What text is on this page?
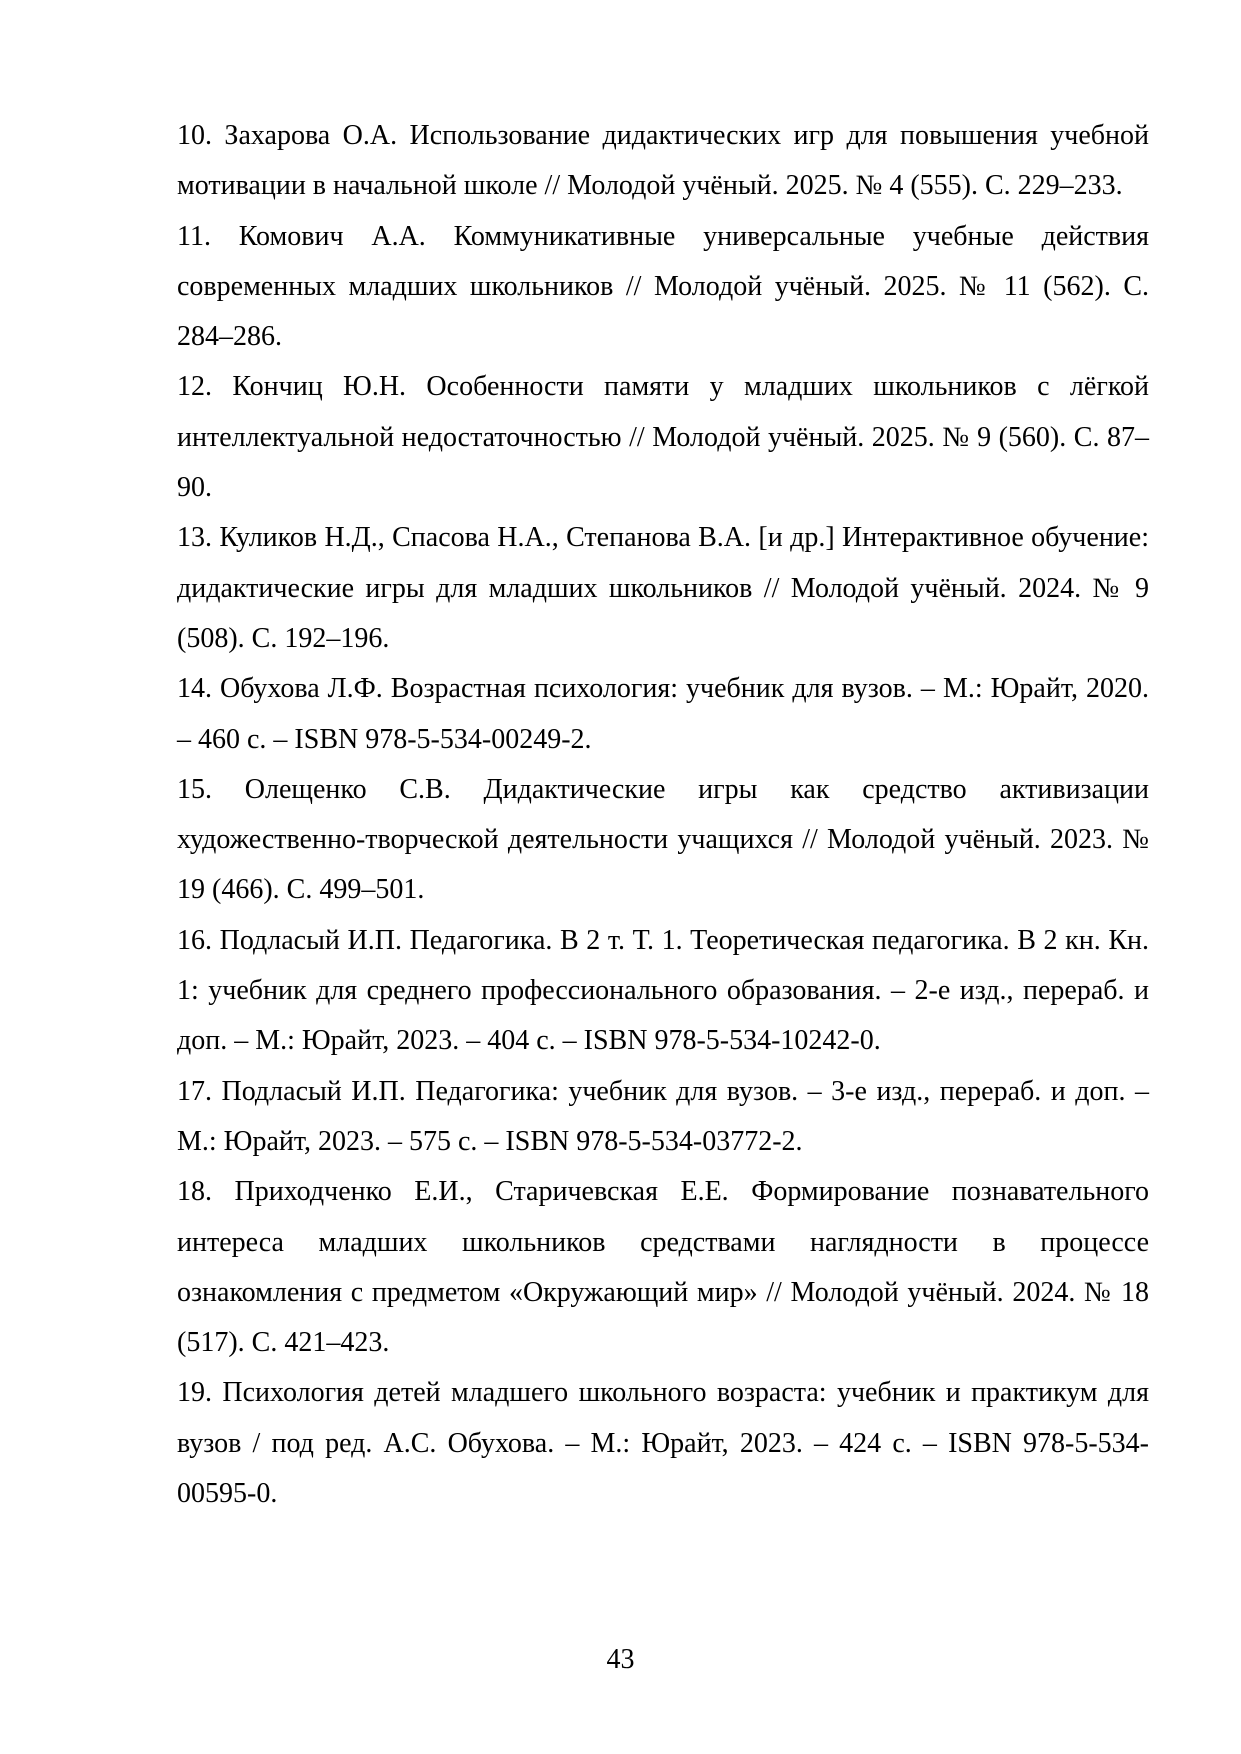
10. Захарова О.А. Использование дидактических игр для повышения учебной мотивации в начальной школе // Молодой учёный. 2025. № 4 (555). С. 229–233.

11. Комович А.А. Коммуникативные универсальные учебные действия современных младших школьников // Молодой учёный. 2025. № 11 (562). С. 284–286.

12. Кончиц Ю.Н. Особенности памяти у младших школьников с лёгкой интеллектуальной недостаточностью // Молодой учёный. 2025. № 9 (560). С. 87–90.

13. Куликов Н.Д., Спасова Н.А., Степанова В.А. [и др.] Интерактивное обучение: дидактические игры для младших школьников // Молодой учёный. 2024. № 9 (508). С. 192–196.

14. Обухова Л.Ф. Возрастная психология: учебник для вузов. – М.: Юрайт, 2020. – 460 с. – ISBN 978-5-534-00249-2.

15. Олещенко С.В. Дидактические игры как средство активизации художественно-творческой деятельности учащихся // Молодой учёный. 2023. № 19 (466). С. 499–501.

16. Подласый И.П. Педагогика. В 2 т. Т. 1. Теоретическая педагогика. В 2 кн. Кн. 1: учебник для среднего профессионального образования. – 2-е изд., перераб. и доп. – М.: Юрайт, 2023. – 404 с. – ISBN 978-5-534-10242-0.

17. Подласый И.П. Педагогика: учебник для вузов. – 3-е изд., перераб. и доп. – М.: Юрайт, 2023. – 575 с. – ISBN 978-5-534-03772-2.

18. Приходченко Е.И., Старичевская Е.Е. Формирование познавательного интереса младших школьников средствами наглядности в процессе ознакомления с предметом «Окружающий мир» // Молодой учёный. 2024. № 18 (517). С. 421–423.

19. Психология детей младшего школьного возраста: учебник и практикум для вузов / под ред. А.С. Обухова. – М.: Юрайт, 2023. – 424 с. – ISBN 978-5-534-00595-0.

43
